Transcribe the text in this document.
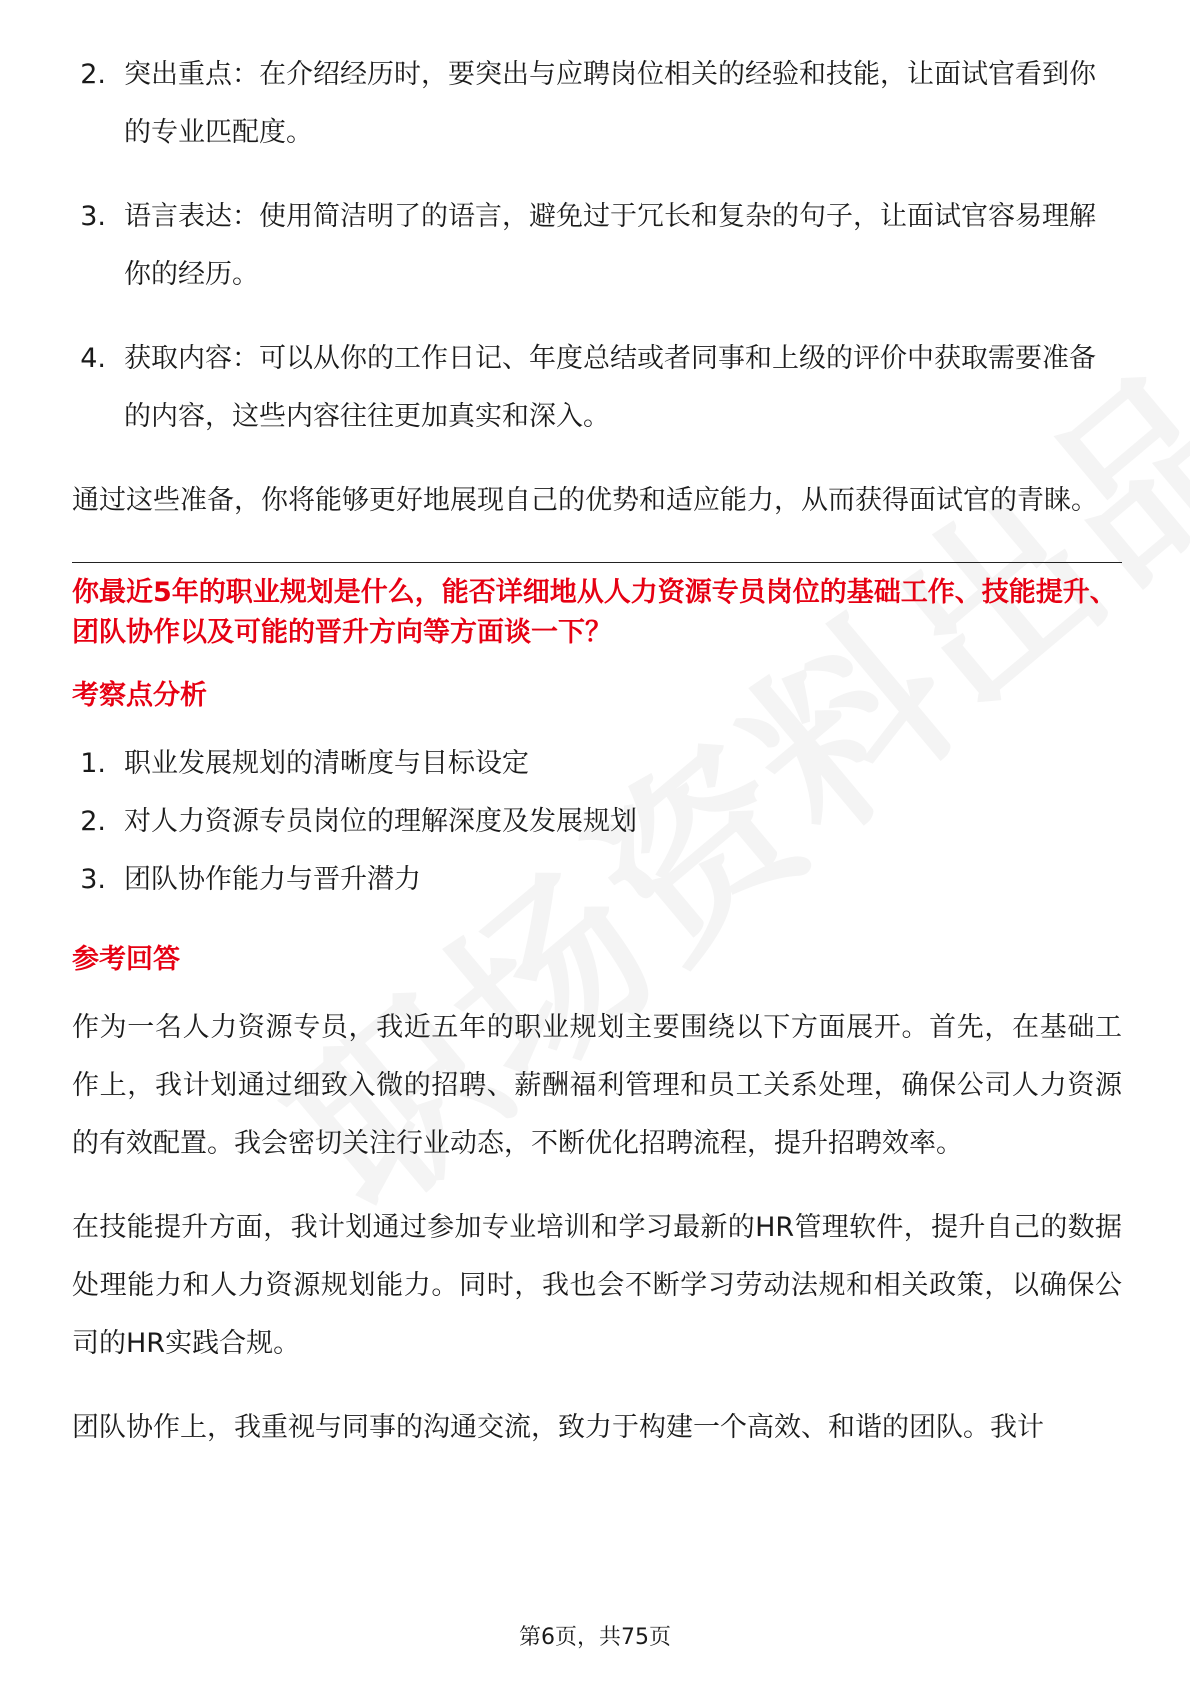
2. 突出重点：在介绍经历时，要突出与应聘岗位相关的经验和技能，让面试官看到你的专业匹配度。
3. 语言表达：使用简洁明了的语言，避免过于冗长和复杂的句子，让面试官容易理解你的经历。
4. 获取内容：可以从你的工作日记、年度总结或者同事和上级的评价中获取需要准备的内容，这些内容往往更加真实和深入。

通过这些准备，你将能够更好地展现自己的优势和适应能力，从而获得面试官的青睐。

你最近5年的职业规划是什么，能否详细地从人力资源专员岗位的基础工作、技能提升、团队协作以及可能的晋升方向等方面谈一下？
考察点分析
1. 职业发展规划的清晰度与目标设定
2. 对人力资源专员岗位的理解深度及发展规划
3. 团队协作能力与晋升潜力
参考回答

作为一名人力资源专员，我近五年的职业规划主要围绕以下方面展开。首先，在基础工作上，我计划通过细致入微的招聘、薪酬福利管理和员工关系处理，确保公司人力资源的有效配置。我会密切关注行业动态，不断优化招聘流程，提升招聘效率。

在技能提升方面，我计划通过参加专业培训和学习最新的HR管理软件，提升自己的数据处理能力和人力资源规划能力。同时，我也会不断学习劳动法规和相关政策，以确保公司的HR实践合规。

团队协作上，我重视与同事的沟通交流，致力于构建一个高效、和谐的团队。我计

第6页，共75页
